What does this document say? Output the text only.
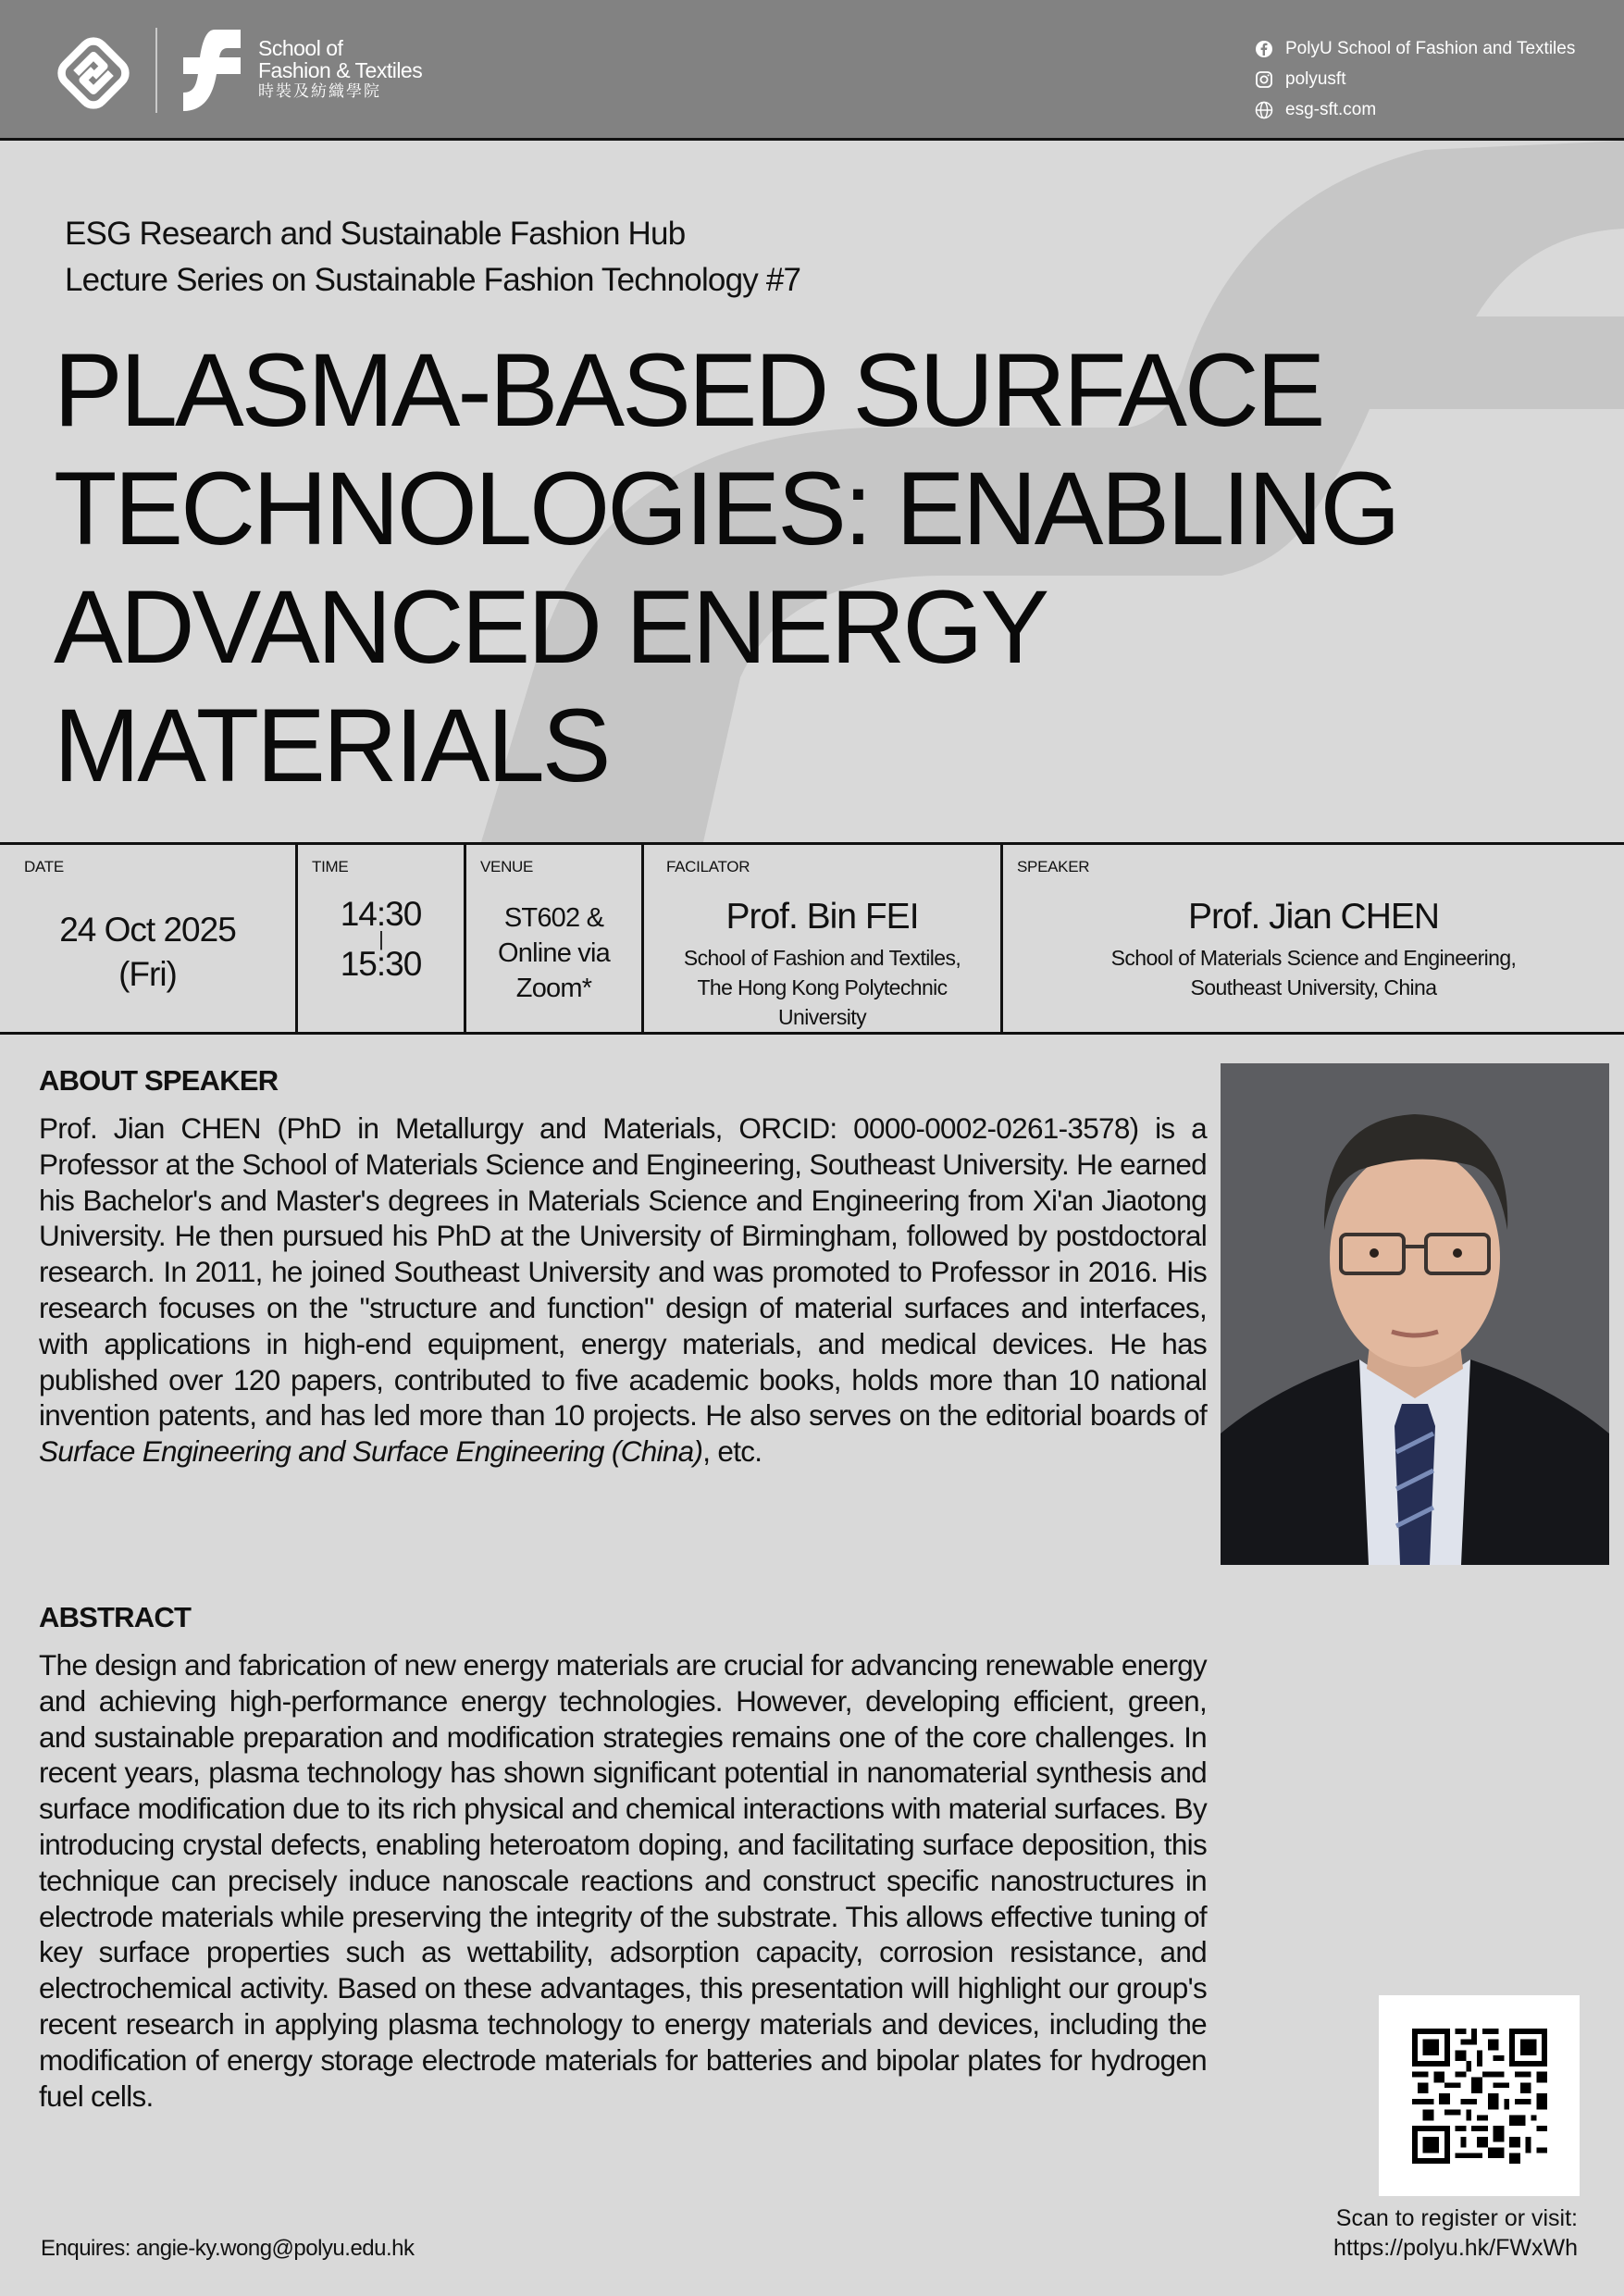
School of
Fashion & Textiles
時裝及紡織學院
PolyU School of Fashion and Textiles
polyusft
esg-sft.com
ESG Research and Sustainable Fashion Hub
Lecture Series on Sustainable Fashion Technology #7
PLASMA-BASED SURFACE
TECHNOLOGIES: ENABLING
ADVANCED ENERGY
MATERIALS
DATE
24 Oct 2025
(Fri)
TIME
14:30
|
15:30
VENUE
ST602 &
Online via
Zoom*
FACILATOR
Prof. Bin FEI
School of Fashion and Textiles,
The Hong Kong Polytechnic
University
SPEAKER
Prof. Jian CHEN
School of Materials Science and Engineering,
Southeast University, China
ABOUT SPEAKER

Prof. Jian CHEN (PhD in Metallurgy and Materials, ORCID: 0000-0002-0261-3578) is a Professor at the School of Materials Science and Engineering, Southeast University. He earned his Bachelor's and Master's degrees in Materials Science and Engineering from Xi'an Jiaotong University. He then pursued his PhD at the University of Birmingham, followed by postdoctoral research. In 2011, he joined Southeast University and was promoted to Professor in 2016. His research focuses on the "structure and function" design of material surfaces and interfaces, with applications in high-end equipment, energy materials, and medical devices. He has published over 120 papers, contributed to five academic books, holds more than 10 national invention patents, and has led more than 10 projects. He also serves on the editorial boards of Surface Engineering and Surface Engineering (China), etc.

ABSTRACT

The design and fabrication of new energy materials are crucial for advancing renewable energy and achieving high-performance energy technologies. However, developing efficient, green, and sustainable preparation and modification strategies remains one of the core challenges. In recent years, plasma technology has shown significant potential in nanomaterial synthesis and surface modification due to its rich physical and chemical interactions with material surfaces. By introducing crystal defects, enabling heteroatom doping, and facilitating surface deposition, this technique can precisely induce nanoscale reactions and construct specific nanostructures in electrode materials while preserving the integrity of the substrate. This allows effective tuning of key surface properties such as wettability, adsorption capacity, corrosion resistance, and electrochemical activity. Based on these advantages, this presentation will highlight our group's recent research in applying plasma technology to energy materials and devices, including the modification of energy storage electrode materials for batteries and bipolar plates for hydrogen fuel cells.

Enquires: angie-ky.wong@polyu.edu.hk
Scan to register or visit:
https://polyu.hk/FWxWh
